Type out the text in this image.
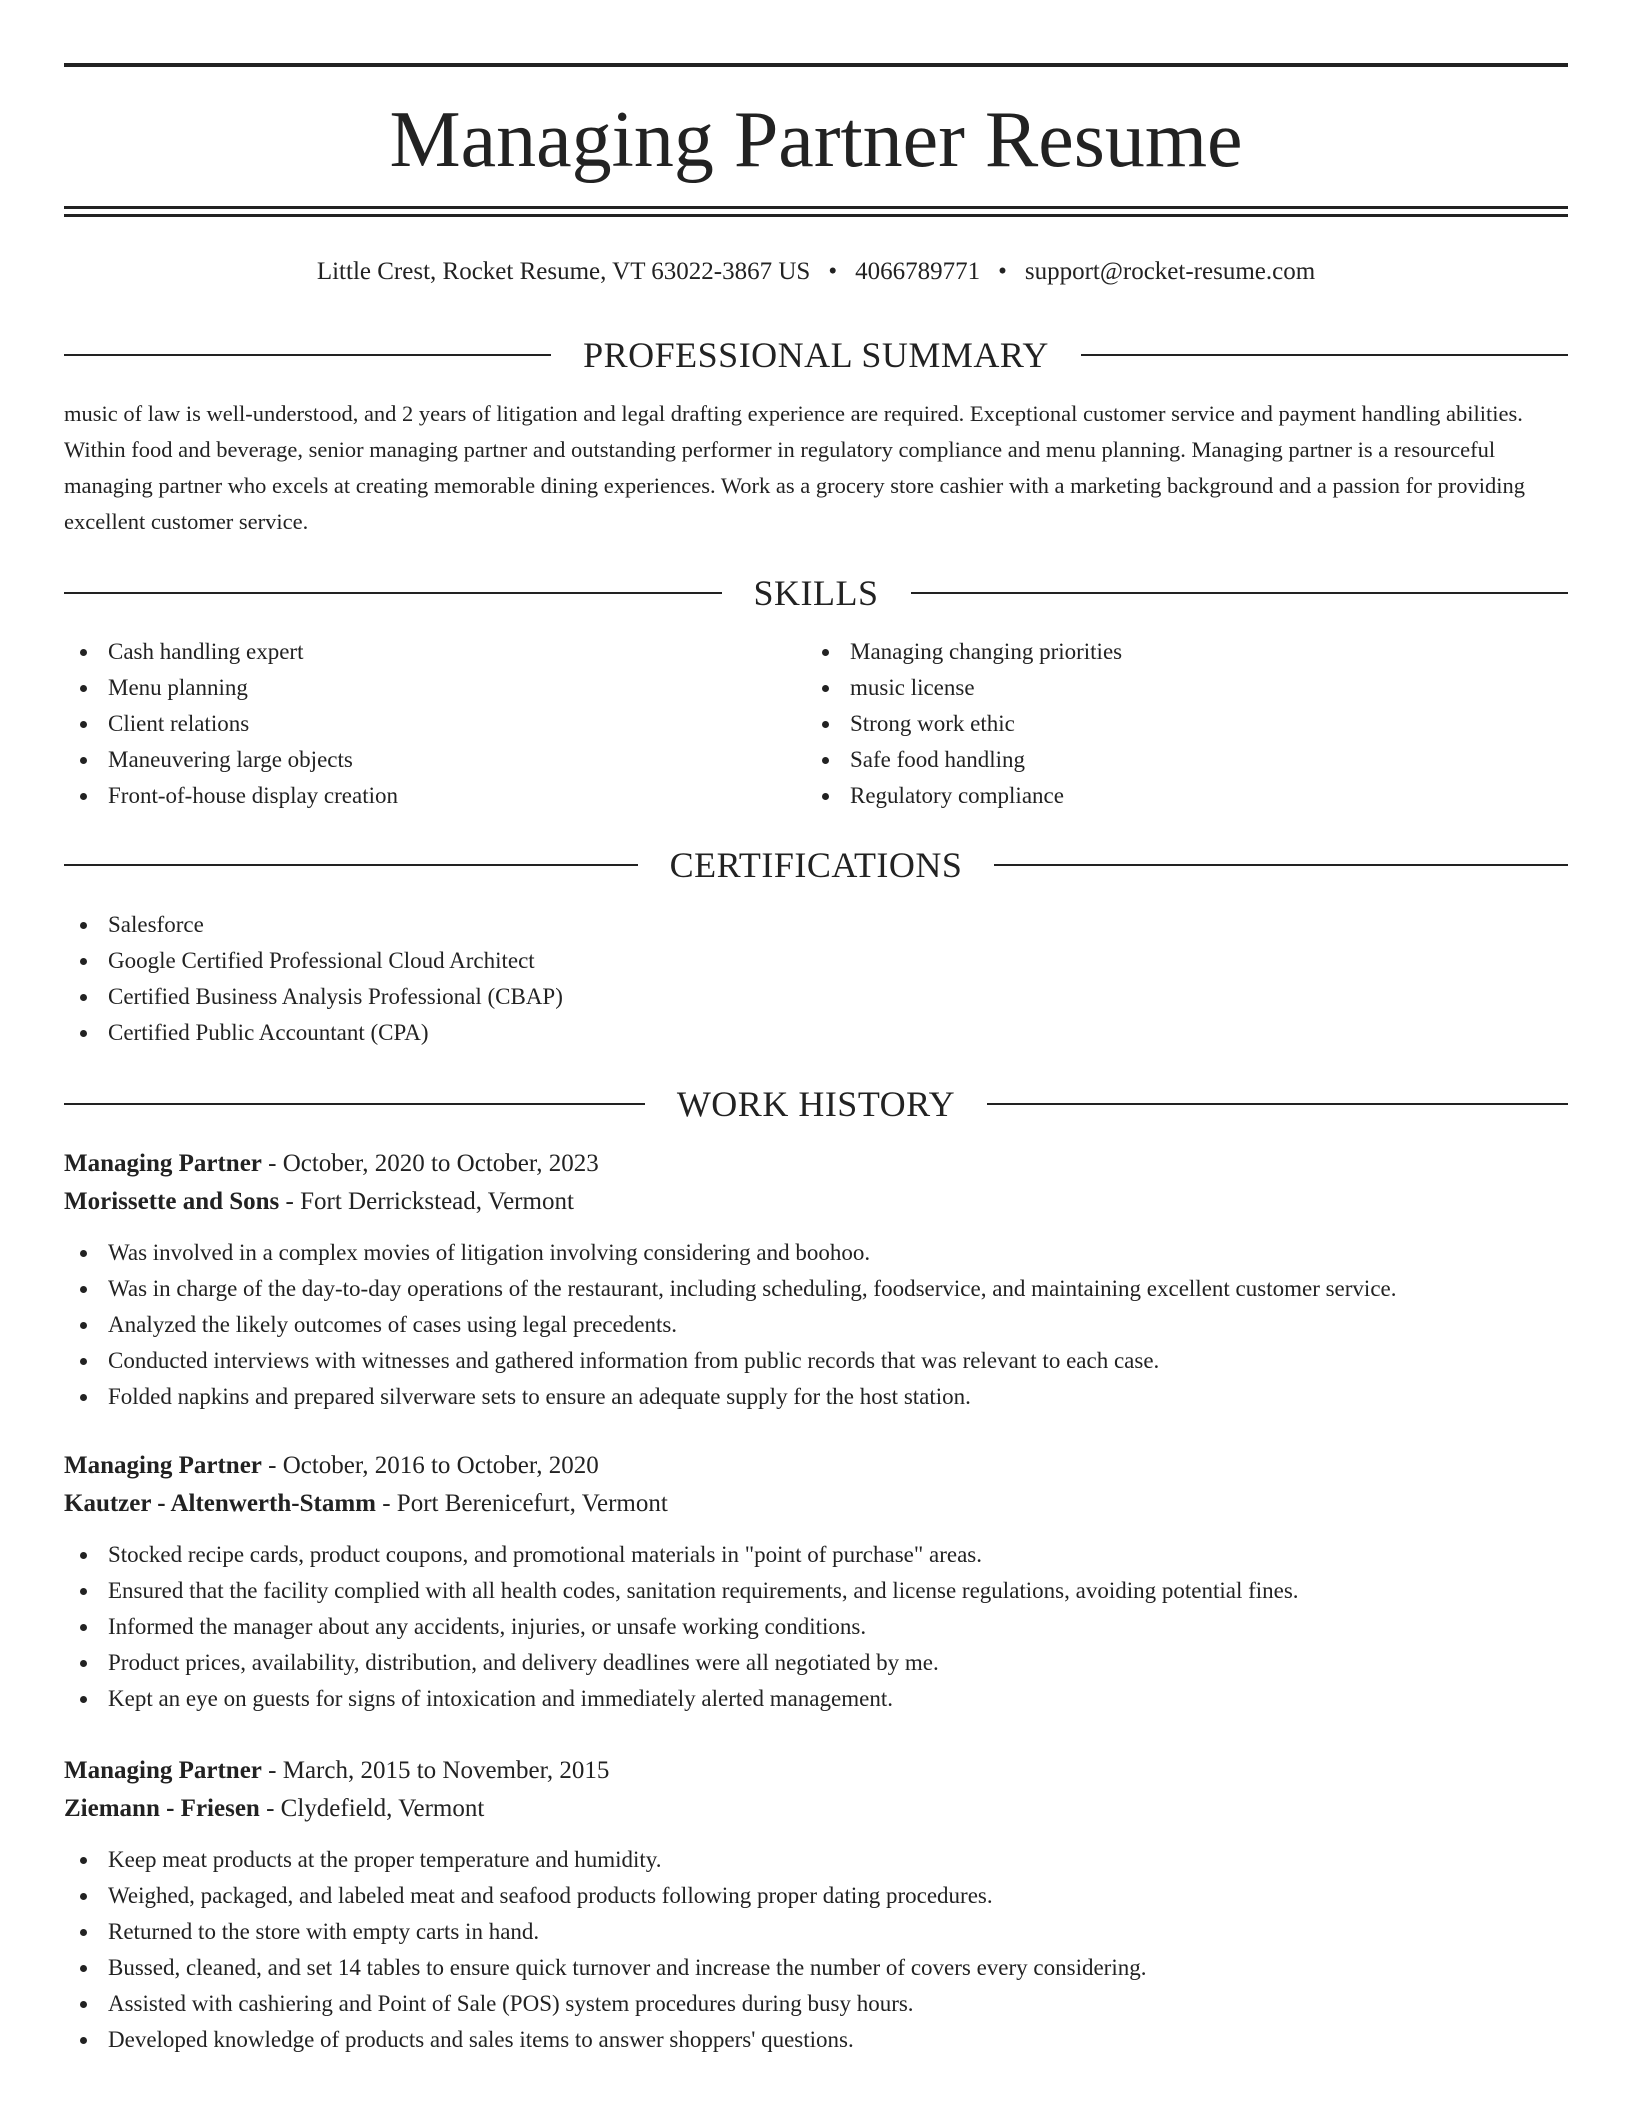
Managing Partner Resume
Little Crest, Rocket Resume, VT 63022-3867 US • 4066789771 • support@rocket-resume.com
PROFESSIONAL SUMMARY

music of law is well-understood, and 2 years of litigation and legal drafting experience are required. Exceptional customer service and payment handling abilities. Within food and beverage, senior managing partner and outstanding performer in regulatory compliance and menu planning. Managing partner is a resourceful managing partner who excels at creating memorable dining experiences. Work as a grocery store cashier with a marketing background and a passion for providing excellent customer service.

SKILLS
Cash handling expert
Menu planning
Client relations
Maneuvering large objects
Front-of-house display creation
Managing changing priorities
music license
Strong work ethic
Safe food handling
Regulatory compliance
CERTIFICATIONS
Salesforce
Google Certified Professional Cloud Architect
Certified Business Analysis Professional (CBAP)
Certified Public Accountant (CPA)
WORK HISTORY
Managing Partner - October, 2020 to October, 2023
Morissette and Sons - Fort Derrickstead, Vermont
Was involved in a complex movies of litigation involving considering and boohoo.
Was in charge of the day-to-day operations of the restaurant, including scheduling, foodservice, and maintaining excellent customer service.
Analyzed the likely outcomes of cases using legal precedents.
Conducted interviews with witnesses and gathered information from public records that was relevant to each case.
Folded napkins and prepared silverware sets to ensure an adequate supply for the host station.
Managing Partner - October, 2016 to October, 2020
Kautzer - Altenwerth-Stamm - Port Berenicefurt, Vermont
Stocked recipe cards, product coupons, and promotional materials in "point of purchase" areas.
Ensured that the facility complied with all health codes, sanitation requirements, and license regulations, avoiding potential fines.
Informed the manager about any accidents, injuries, or unsafe working conditions.
Product prices, availability, distribution, and delivery deadlines were all negotiated by me.
Kept an eye on guests for signs of intoxication and immediately alerted management.
Managing Partner - March, 2015 to November, 2015
Ziemann - Friesen - Clydefield, Vermont
Keep meat products at the proper temperature and humidity.
Weighed, packaged, and labeled meat and seafood products following proper dating procedures.
Returned to the store with empty carts in hand.
Bussed, cleaned, and set 14 tables to ensure quick turnover and increase the number of covers every considering.
Assisted with cashiering and Point of Sale (POS) system procedures during busy hours.
Developed knowledge of products and sales items to answer shoppers' questions.
